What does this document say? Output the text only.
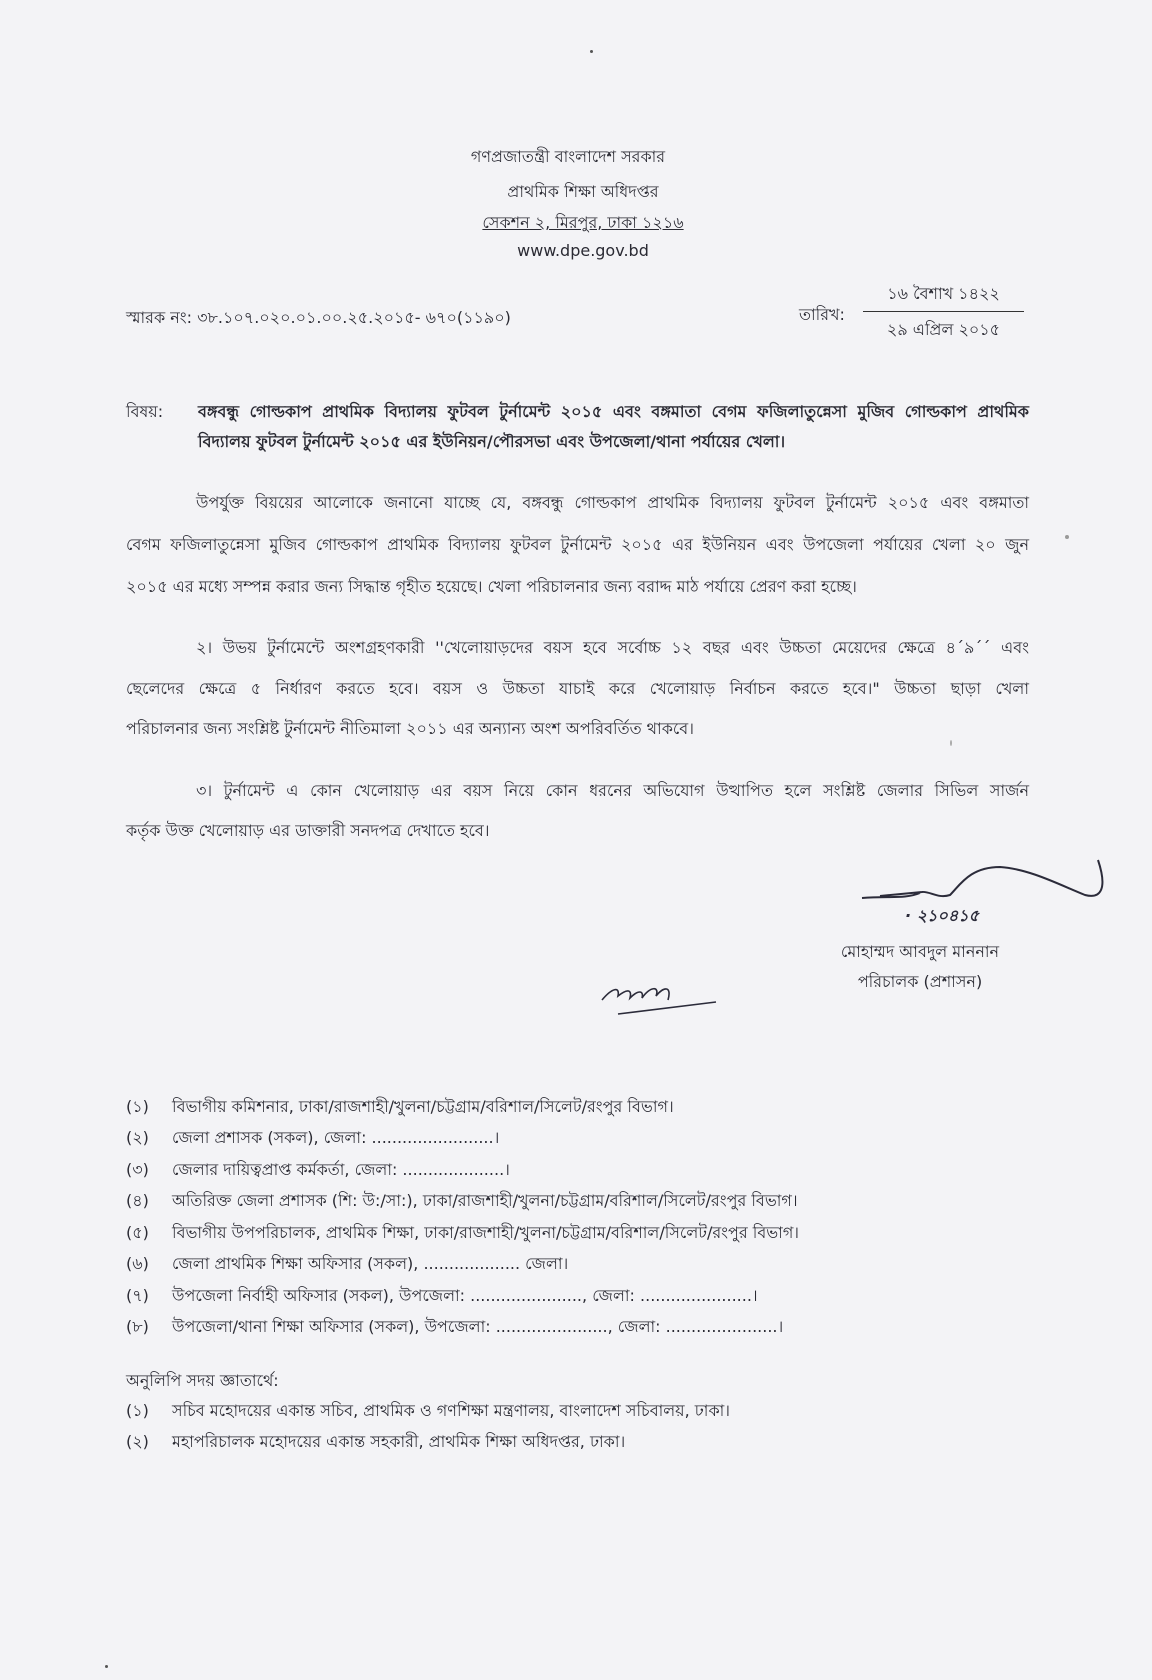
গণপ্রজাতন্ত্রী বাংলাদেশ সরকার
প্রাথমিক শিক্ষা অধিদপ্তর
সেকশন ২, মিরপুর, ঢাকা ১২১৬
www.dpe.gov.bd
স্মারক নং: ৩৮.১০৭.০২০.০১.০০.২৫.২০১৫- ৬৭০(১১৯০)	তারিখ:
১৬ বৈশাখ ১৪২২
২৯ এপ্রিল ২০১৫
বিষয়: বঙ্গবন্ধু গোল্ডকাপ প্রাথমিক বিদ্যালয় ফুটবল টুর্নামেন্ট ২০১৫ এবং বঙ্গমাতা বেগম ফজিলাতুন্নেসা মুজিব গোল্ডকাপ প্রাথমিক
বিদ্যালয় ফুটবল টুর্নামেন্ট ২০১৫ এর ইউনিয়ন/পৌরসভা এবং উপজেলা/থানা পর্যায়ের খেলা।
উপর্যুক্ত বিয়য়ের আলোকে জনানো যাচ্ছে যে, বঙ্গবন্ধু গোল্ডকাপ প্রাথমিক বিদ্যালয় ফুটবল টুর্নামেন্ট ২০১৫ এবং বঙ্গমাতা
বেগম ফজিলাতুন্নেসা মুজিব গোল্ডকাপ প্রাথমিক বিদ্যালয় ফুটবল টুর্নামেন্ট ২০১৫ এর ইউনিয়ন এবং উপজেলা পর্যায়ের খেলা ২০ জুন
২০১৫ এর মধ্যে সম্পন্ন করার জন্য সিদ্ধান্ত গৃহীত হয়েছে। খেলা পরিচালনার জন্য বরাদ্দ মাঠ পর্যায়ে প্রেরণ করা হচ্ছে।
২। উভয় টুর্নামেন্টে অংশগ্রহণকারী ''খেলোয়াড়দের বয়স হবে সর্বোচ্চ ১২ বছর এবং উচ্চতা মেয়েদের ক্ষেত্রে ৪´৯´´ এবং
ছেলেদের ক্ষেত্রে ৫ নির্ধারণ করতে হবে। বয়স ও উচ্চতা যাচাই করে খেলোয়াড় নির্বাচন করতে হবে।" উচ্চতা ছাড়া খেলা
পরিচালনার জন্য সংশ্লিষ্ট টুর্নামেন্ট নীতিমালা ২০১১ এর অন্যান্য অংশ অপরিবর্তিত থাকবে।
৩। টুর্নামেন্ট এ কোন খেলোয়াড় এর বয়স নিয়ে কোন ধরনের অভিযোগ উত্থাপিত হলে সংশ্লিষ্ট জেলার সিভিল সার্জন
কর্তৃক উক্ত খেলোয়াড় এর ডাক্তারী সনদপত্র দেখাতে হবে।
· ২১০৪১৫
মোহাম্মদ আবদুল মাননান
পরিচালক (প্রশাসন)
(১) বিভাগীয় কমিশনার, ঢাকা/রাজশাহী/খুলনা/চট্টগ্রাম/বরিশাল/সিলেট/রংপুর বিভাগ।
(২) জেলা প্রশাসক (সকল), জেলা: ........................।
(৩) জেলার দায়িত্বপ্রাপ্ত কর্মকর্তা, জেলা: ....................।
(৪) অতিরিক্ত জেলা প্রশাসক (শি: উ:/সা:), ঢাকা/রাজশাহী/খুলনা/চট্টগ্রাম/বরিশাল/সিলেট/রংপুর বিভাগ।
(৫) বিভাগীয় উপপরিচালক, প্রাথমিক শিক্ষা, ঢাকা/রাজশাহী/খুলনা/চট্টগ্রাম/বরিশাল/সিলেট/রংপুর বিভাগ।
(৬) জেলা প্রাথমিক শিক্ষা অফিসার (সকল), ................... জেলা।
(৭) উপজেলা নির্বাহী অফিসার (সকল), উপজেলা: ......................, জেলা: ......................।
(৮) উপজেলা/থানা শিক্ষা অফিসার (সকল), উপজেলা: ......................, জেলা: ......................।
অনুলিপি সদয় জ্ঞাতার্থে:
(১) সচিব মহোদয়ের একান্ত সচিব, প্রাথমিক ও গণশিক্ষা মন্ত্রণালয়, বাংলাদেশ সচিবালয়, ঢাকা।
(২) মহাপরিচালক মহোদয়ের একান্ত সহকারী, প্রাথমিক শিক্ষা অধিদপ্তর, ঢাকা।
